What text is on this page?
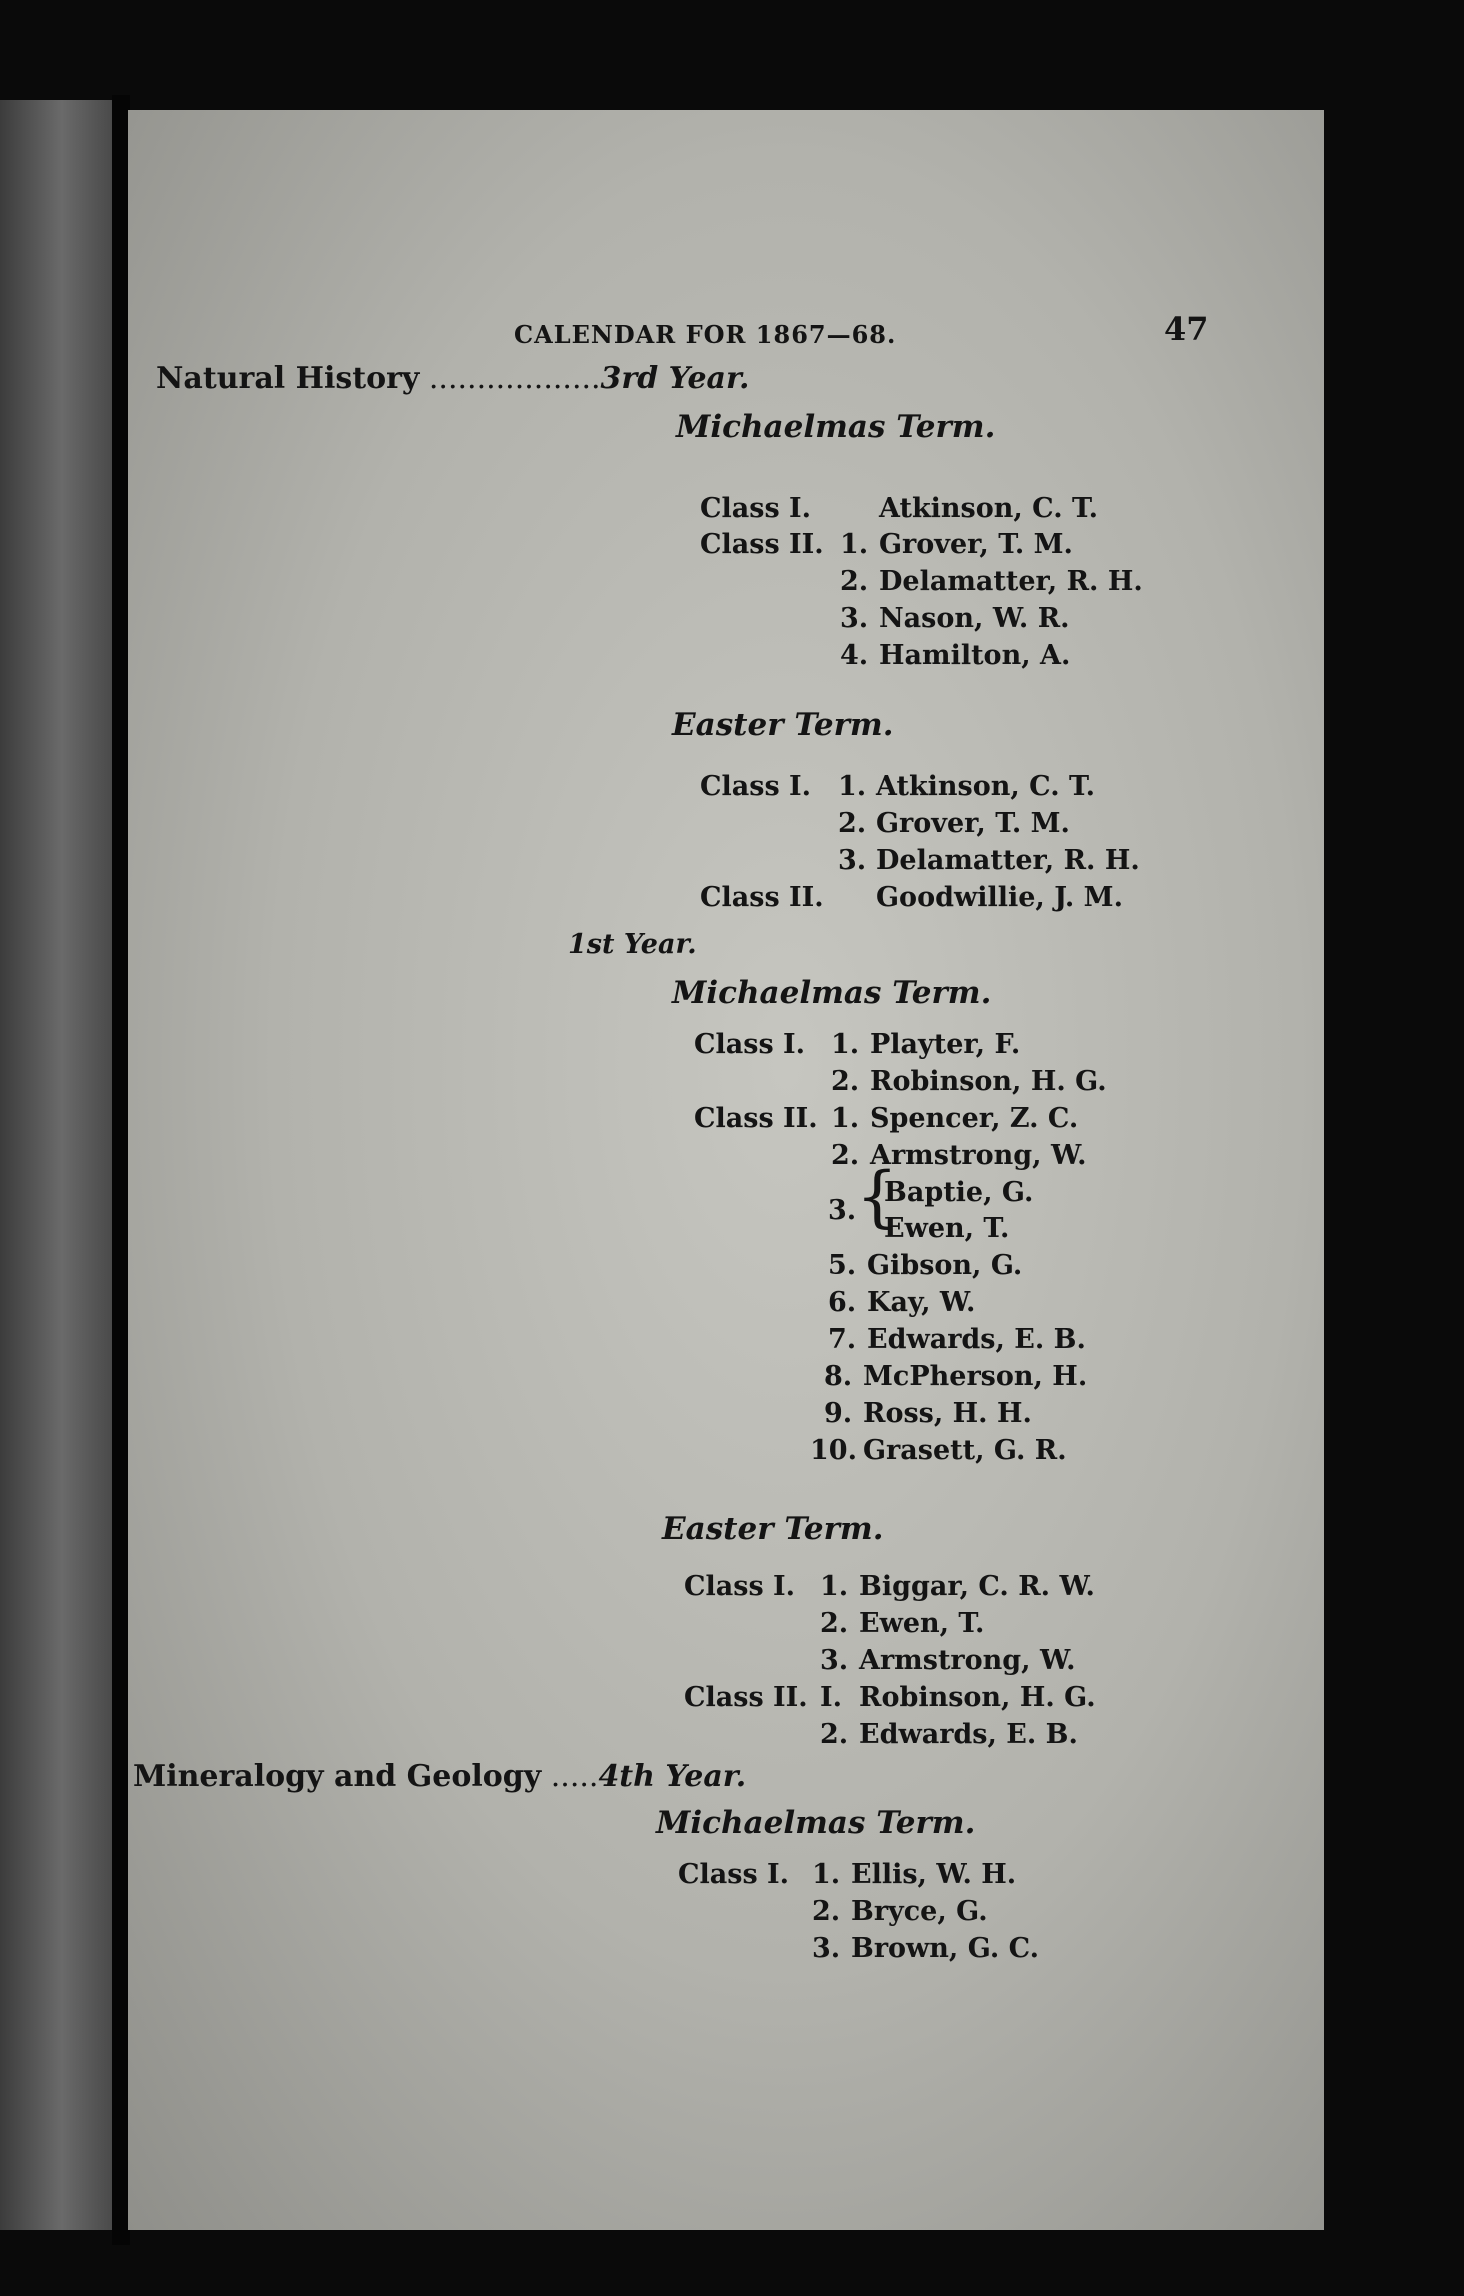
CALENDAR FOR 1867—68.	47
Natural History ..................3rd Year.
Michaelmas Term.
Class I.	Atkinson, C. T.
Class II. 1. Grover, T. M.
2. Delamatter, R. H.
3. Nason, W. R.
4. Hamilton, A.
Easter Term.
Class I. 1. Atkinson, C. T.
2. Grover, T. M.
3. Delamatter, R. H.
Class II. Goodwillie, J. M.
1st Year.
Michaelmas Term.
Class I. 1. Playter, F.
2. Robinson, H. G.
Class II. 1. Spencer, Z. C.
2. Armstrong, W.
3. {
Baptie, G.
Ewen, T.
5. Gibson, G.
6. Kay, W.
7. Edwards, E. B.
8. McPherson, H.
9. Ross, H. H.
10. Grasett, G. R.
Easter Term.
Class I. 1. Biggar, C. R. W.
2. Ewen, T.
3. Armstrong, W.
Class II. I. Robinson, H. G.
2. Edwards, E. B.
Mineralogy and Geology .....4th Year.
Michaelmas Term.
Class I. 1. Ellis, W. H.
2. Bryce, G.
3. Brown, G. C.
